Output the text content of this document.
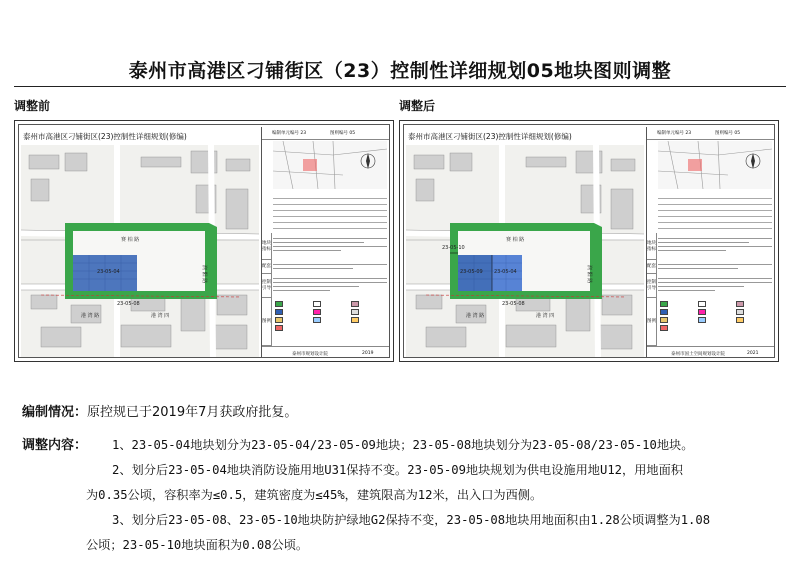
泰州市高港区刁铺街区（23）控制性详细规划05地块图则调整
调整前	调整后
泰州市高港区刁铺街区(23)控制性详细规划(修编)
23-05-04
23-05-08
赛 柏 路
港 湾 路
润 阳 路
港 湾 四
编制单元编号 23	图则编号 05
地块指标
配套
控制引导
图例
泰州市规划设计院	2019
泰州市高港区刁铺街区(23)控制性详细规划(修编)
23-05-10
23-05-09 23-05-04
23-05-08
赛 柏 路
港 湾 路
润 阳 路
港 湾 四
编制单元编号 23	图则编号 05
地块指标
配套
控制引导
图例
泰州市国土空间规划设计院	2021
编制情况：原控规已于2019年7月获政府批复。
调整内容： 1、23-05-04地块划分为23-05-04/23-05-09地块；23-05-08地块划分为23-05-08/23-05-10地块。
2、划分后23-05-04地块消防设施用地U31保持不变。23-05-09地块规划为供电设施用地U12，用地面积
为0.35公顷，容积率为≤0.5，建筑密度为≤45%，建筑限高为12米，出入口为西侧。
3、划分后23-05-08、23-05-10地块防护绿地G2保持不变，23-05-08地块用地面积由1.28公顷调整为1.08
公顷；23-05-10地块面积为0.08公顷。
